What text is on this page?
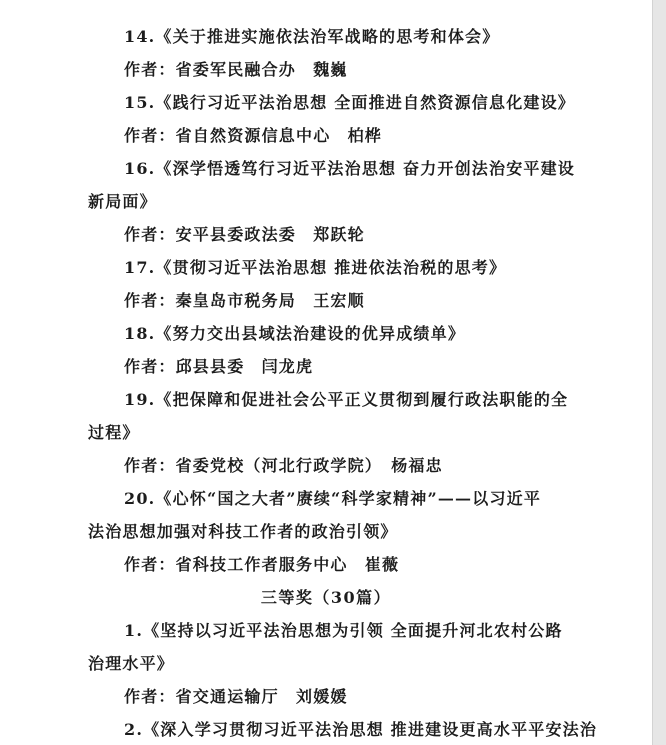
14.《关于推进实施依法治军战略的思考和体会》
作者：省委军民融合办　魏巍
15.《践行习近平法治思想 全面推进自然资源信息化建设》
作者：省自然资源信息中心　柏桦
16.《深学悟透笃行习近平法治思想 奋力开创法治安平建设
新局面》
作者：安平县委政法委　郑跃轮
17.《贯彻习近平法治思想 推进依法治税的思考》
作者：秦皇岛市税务局　王宏顺
18.《努力交出县域法治建设的优异成绩单》
作者：邱县县委　闫龙虎
19.《把保障和促进社会公平正义贯彻到履行政法职能的全
过程》
作者：省委党校（河北行政学院）　杨福忠
20.《心怀“国之大者”赓续“科学家精神”——以习近平
法治思想加强对科技工作者的政治引领》
作者：省科技工作者服务中心　崔薇
三等奖（30篇）
1.《坚持以习近平法治思想为引领 全面提升河北农村公路
治理水平》
作者：省交通运输厅　刘媛媛
2.《深入学习贯彻习近平法治思想 推进建设更高水平平安法治
